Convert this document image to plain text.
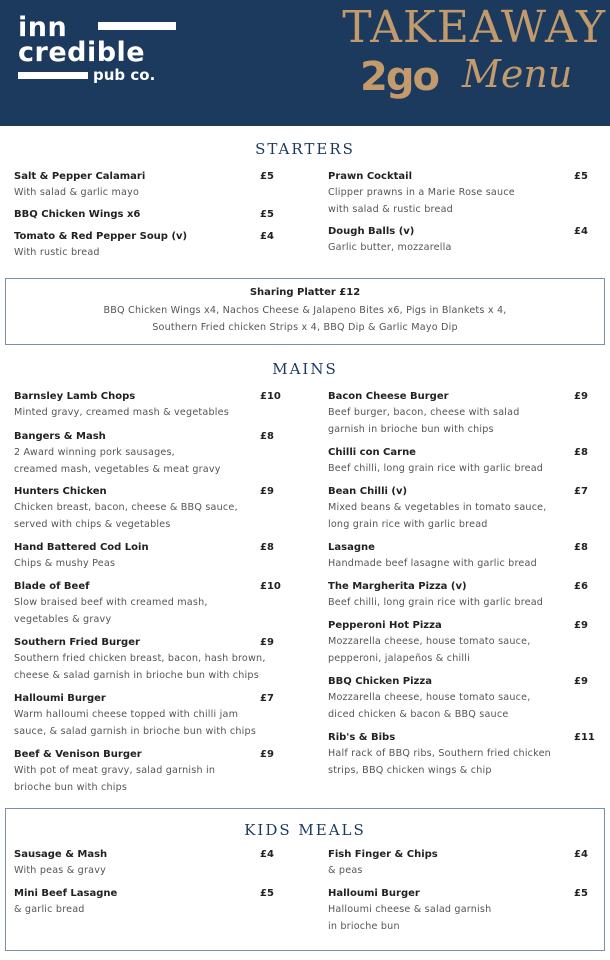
inn
credible
pub co.
TAKEAWAY
2go Menu
STARTERS
Salt & Pepper Calamari	£5
With salad & garlic mayo
BBQ Chicken Wings x6	£5
Tomato & Red Pepper Soup (v)	£4
With rustic bread
Prawn Cocktail	£5
Clipper prawns in a Marie Rose sauce
with salad & rustic bread
Dough Balls (v)	£4
Garlic butter, mozzarella
Sharing Platter £12
BBQ Chicken Wings x4, Nachos Cheese & Jalapeno Bites x6, Pigs in Blankets x 4,
Southern Fried chicken Strips x 4, BBQ Dip & Garlic Mayo Dip
MAINS
Barnsley Lamb Chops	£10
Minted gravy, creamed mash & vegetables
Bangers & Mash	£8
2 Award winning pork sausages,
creamed mash, vegetables & meat gravy
Hunters Chicken	£9
Chicken breast, bacon, cheese & BBQ sauce,
served with chips & vegetables
Hand Battered Cod Loin	£8
Chips & mushy Peas
Blade of Beef	£10
Slow braised beef with creamed mash,
vegetables & gravy
Southern Fried Burger	£9
Southern fried chicken breast, bacon, hash brown,
cheese & salad garnish in brioche bun with chips
Halloumi Burger	£7
Warm halloumi cheese topped with chilli jam
sauce, & salad garnish in brioche bun with chips
Beef & Venison Burger	£9
With pot of meat gravy, salad garnish in
brioche bun with chips
Bacon Cheese Burger	£9
Beef burger, bacon, cheese with salad
garnish in brioche bun with chips
Chilli con Carne	£8
Beef chilli, long grain rice with garlic bread
Bean Chilli (v)	£7
Mixed beans & vegetables in tomato sauce,
long grain rice with garlic bread
Lasagne	£8
Handmade beef lasagne with garlic bread
The Margherita Pizza (v)	£6
Beef chilli, long grain rice with garlic bread
Pepperoni Hot Pizza	£9
Mozzarella cheese, house tomato sauce,
pepperoni, jalapeños & chilli
BBQ Chicken Pizza	£9
Mozzarella cheese, house tomato sauce,
diced chicken & bacon & BBQ sauce
Rib's & Bibs	£11
Half rack of BBQ ribs, Southern fried chicken
strips, BBQ chicken wings & chip
KIDS MEALS
Sausage & Mash	£4
With peas & gravy
Mini Beef Lasagne	£5
& garlic bread
Fish Finger & Chips	£4
& peas
Halloumi Burger	£5
Halloumi cheese & salad garnish
in brioche bun
